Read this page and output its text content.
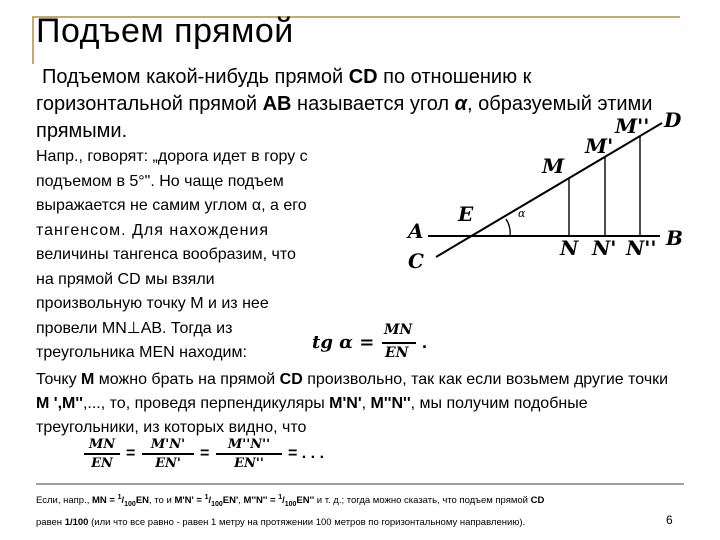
Подъем прямой
Подъемом какой-нибудь прямой CD по отношению к горизонтальной прямой AB называется угол α, образуемый этими прямыми.
Напр., говорят: „дорога идет в гору с
подъемом в 5°". Но чаще подъем
выражается не самим углом α, а его
тангенсом. Для нахождения
величины тангенса вообразим, что
на прямой CD мы взяли
произвольную точку M и из нее
провели MN⊥AB. Тогда из
треугольника MEN находим:
A
C
B
D
E
M
M'
M''
N N' N''
α
tg α =
MN
EN
.
Точку M можно брать на прямой CD произвольно, так как если возьмем другие точки M ',M'',..., то, проведя перпендикуляры M'N', M''N'', мы получим подобные треугольники, из которых видно, что
MN
EN
=
M'N'
EN'
=
M''N''
EN''
= . . .
Если, напр., MN = $^1/_{100}EN$, то и $M'N' = ^1/_{100}EN'$, $M''N'' = ^1/_{100}EN''$ и т. д.; тогда можно сказать, что подъем прямой CD
равен 1/100 (или что все равно - равен 1 метру на протяжении 100 метров по горизонтальному направлению).	6
